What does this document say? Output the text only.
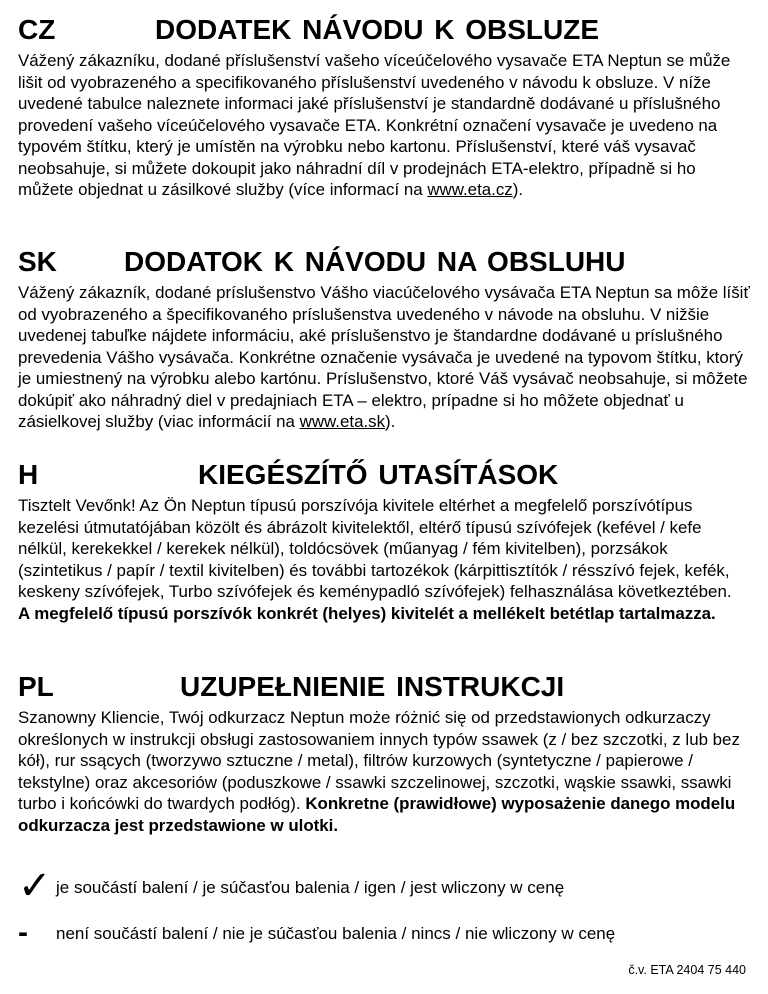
CZ	DODATEK NÁVODU K OBSLUZE

Vážený zákazníku, dodané příslušenství vašeho víceúčelového vysavače ETA Neptun se může lišit od vyobrazeného a specifikovaného příslušenství uvedeného v návodu k obsluze. V níže uvedené tabulce naleznete informaci jaké příslušenství je standardně dodávané u příslušného provedení vašeho víceúčelového vysavače ETA. Konkrétní označení vysavače je uvedeno na typovém štítku, který je umístěn na výrobku nebo kartonu. Příslušenství, které váš vysavač neobsahuje, si můžete dokoupit jako náhradní díl v prodejnách ETA-elektro, případně si ho můžete objednat u zásilkové služby (více informací na www.eta.cz).

SK DODATOK K NÁVODU NA OBSLUHU

Vážený zákazník, dodané príslušenstvo Vášho viacúčelového vysávača ETA Neptun sa môže líšiť od vyobrazeného a špecifikovaného príslušenstva uvedeného v návode na obsluhu. V nižšie uvedenej tabuľke nájdete informáciu, aké príslušenstvo je štandardne dodávané u príslušného prevedenia Vášho vysávača. Konkrétne označenie vysávača je uvedené na typovom štítku, ktorý je umiestnený na výrobku alebo kartónu. Príslušenstvo, ktoré Váš vysávač neobsahuje, si môžete dokúpiť ako náhradný diel v predajniach ETA – elektro, prípadne si ho môžete objednať u zásielkovej služby (viac informácií na www.eta.sk).

H	KIEGÉSZÍTŐ UTASÍTÁSOK

Tisztelt Vevőnk! Az Ön Neptun típusú porszívója kivitele eltérhet a megfelelő porszívótípus kezelési útmutatójában közölt és ábrázolt kivitelektől, eltérő típusú szívófejek (kefével / kefe nélkül, kerekekkel / kerekek nélkül), toldócsövek (műanyag / fém kivitelben), porzsákok (szintetikus / papír / textil kivitelben) és további tartozékok (kárpittisztítók / résszívó fejek, kefék, keskeny szívófejek, Turbo szívófejek és keménypadló szívófejek) felhasználása következtében.
A megfelelő típusú porszívók konkrét (helyes) kivitelét a mellékelt betétlap tartalmazza.

PL	UZUPEŁNIENIE INSTRUKCJI

Szanowny Kliencie, Twój odkurzacz Neptun może różnić się od przedstawionych odkurzaczy określonych w instrukcji obsługi zastosowaniem innych typów ssawek (z / bez szczotki, z lub bez kół), rur ssących (tworzywo sztuczne / metal), filtrów kurzowych (syntetyczne / papierowe / tekstylne) oraz akcesoriów (poduszkowe / ssawki szczelinowej, szczotki, wąskie ssawki, ssawki turbo i końcówki do twardych podłóg). Konkretne (prawidłowe) wyposażenie danego modelu odkurzacza jest przedstawione w ulotki.

✓ je součástí balení / je súčasťou balenia / igen / jest wliczony w cenę
- není součástí balení / nie je súčasťou balenia / nincs / nie wliczony w cenę
č.v. ETA 2404 75 440
